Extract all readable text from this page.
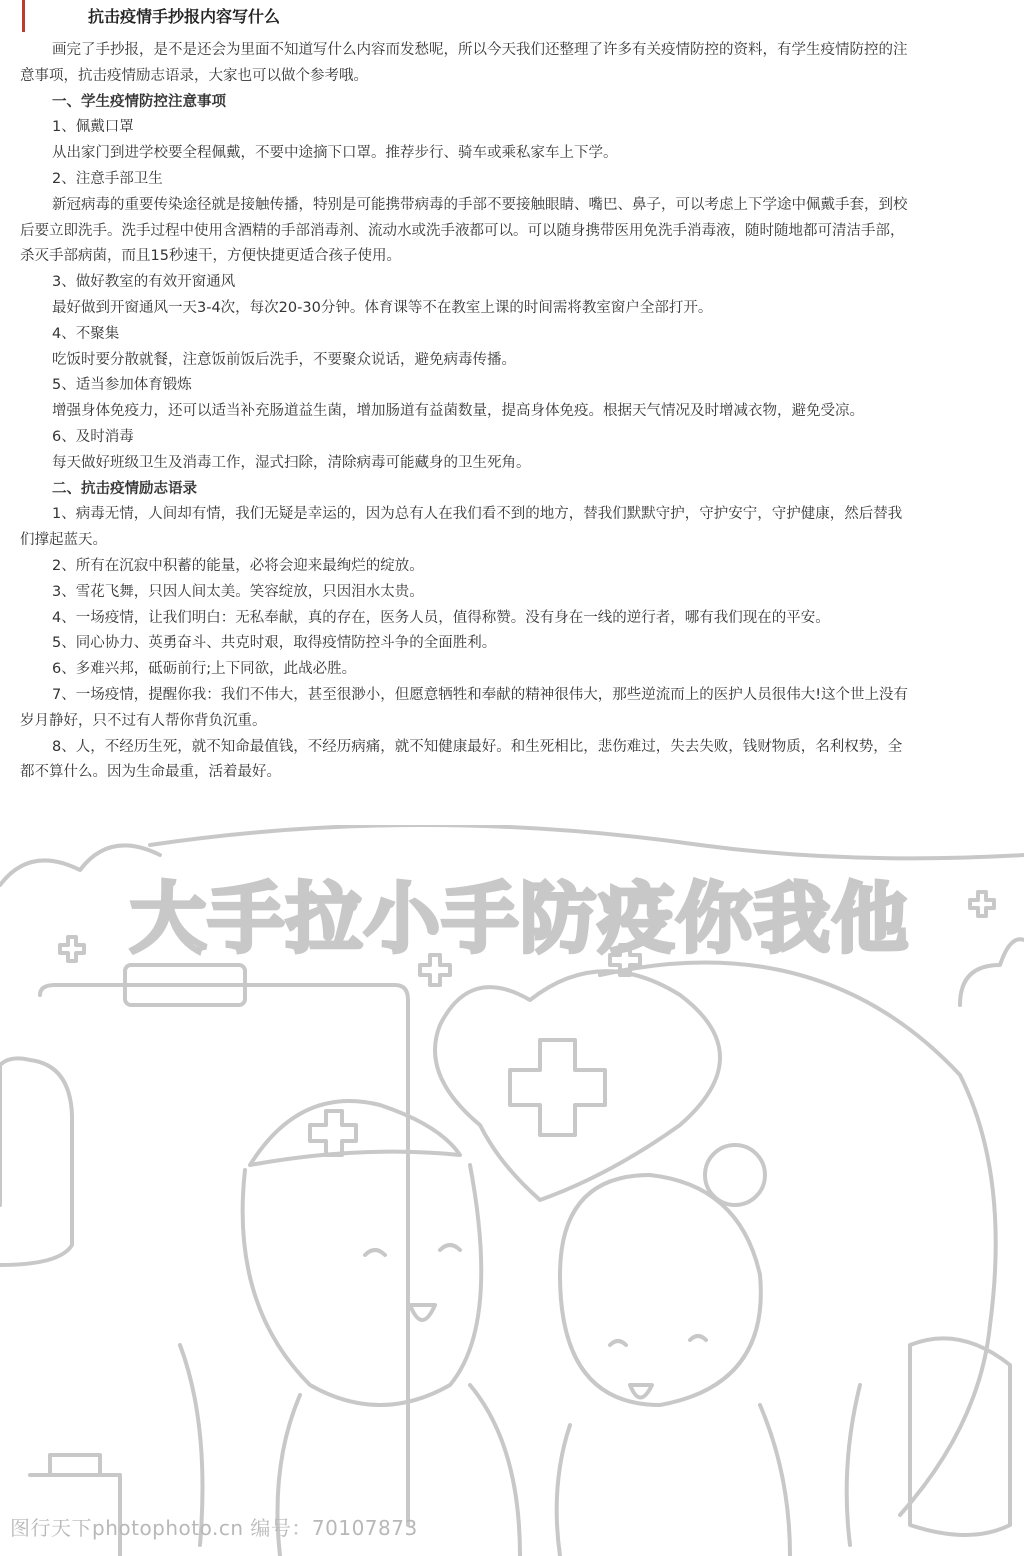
抗击疫情手抄报内容写什么

画完了手抄报，是不是还会为里面不知道写什么内容而发愁呢，所以今天我们还整理了许多有关疫情防控的资料，有学生疫情防控的注意事项，抗击疫情励志语录，大家也可以做个参考哦。

一、学生疫情防控注意事项

1、佩戴口罩

从出家门到进学校要全程佩戴，不要中途摘下口罩。推荐步行、骑车或乘私家车上下学。

2、注意手部卫生

新冠病毒的重要传染途径就是接触传播，特别是可能携带病毒的手部不要接触眼睛、嘴巴、鼻子，可以考虑上下学途中佩戴手套，到校后要立即洗手。洗手过程中使用含酒精的手部消毒剂、流动水或洗手液都可以。可以随身携带医用免洗手消毒液，随时随地都可清洁手部，杀灭手部病菌，而且15秒速干，方便快捷更适合孩子使用。

3、做好教室的有效开窗通风

最好做到开窗通风一天3-4次，每次20-30分钟。体育课等不在教室上课的时间需将教室窗户全部打开。

4、不聚集

吃饭时要分散就餐，注意饭前饭后洗手，不要聚众说话，避免病毒传播。

5、适当参加体育锻炼

增强身体免疫力，还可以适当补充肠道益生菌，增加肠道有益菌数量，提高身体免疫。根据天气情况及时增减衣物，避免受凉。

6、及时消毒

每天做好班级卫生及消毒工作，湿式扫除，清除病毒可能藏身的卫生死角。

二、抗击疫情励志语录

1、病毒无情，人间却有情，我们无疑是幸运的，因为总有人在我们看不到的地方，替我们默默守护，守护安宁，守护健康，然后替我们撑起蓝天。

2、所有在沉寂中积蓄的能量，必将会迎来最绚烂的绽放。

3、雪花飞舞，只因人间太美。笑容绽放，只因泪水太贵。

4、一场疫情，让我们明白：无私奉献，真的存在，医务人员，值得称赞。没有身在一线的逆行者，哪有我们现在的平安。

5、同心协力、英勇奋斗、共克时艰，取得疫情防控斗争的全面胜利。

6、多难兴邦，砥砺前行;上下同欲，此战必胜。

7、一场疫情，提醒你我：我们不伟大，甚至很渺小，但愿意牺牲和奉献的精神很伟大，那些逆流而上的医护人员很伟大!这个世上没有岁月静好，只不过有人帮你背负沉重。

8、人，不经历生死，就不知命最值钱，不经历病痛，就不知健康最好。和生死相比，悲伤难过，失去失败，钱财物质，名利权势，全都不算什么。因为生命最重，活着最好。

大手拉小手防疫你我他
图行天下photophoto.cn 编号：70107873
